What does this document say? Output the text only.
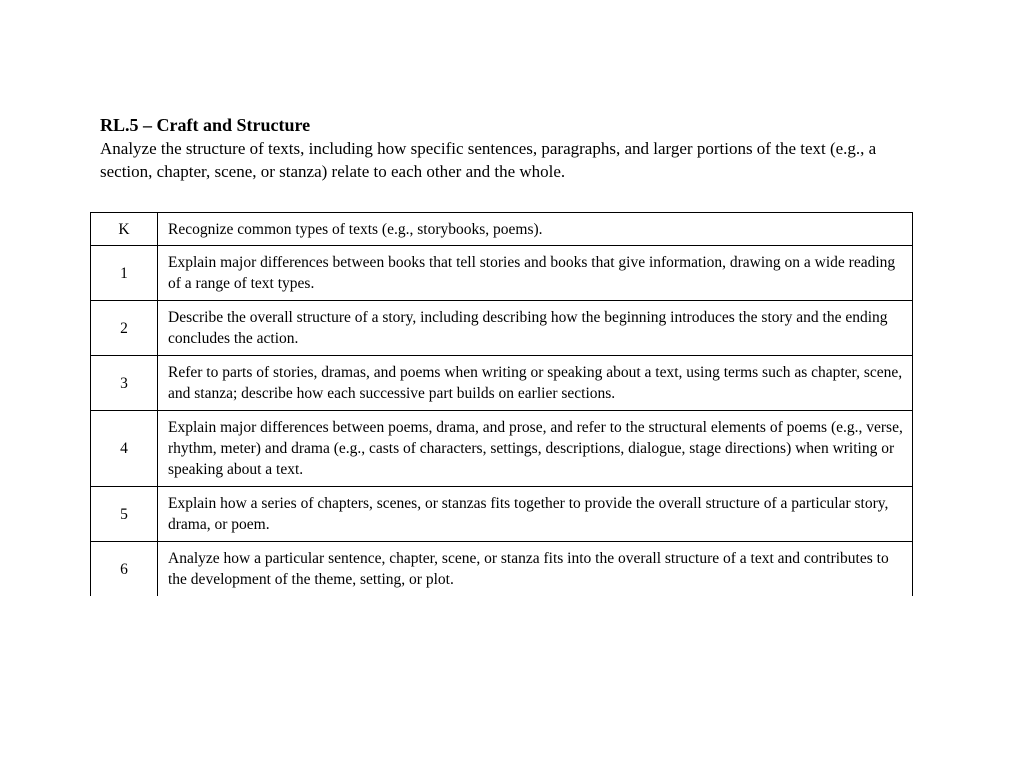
RL.5 – Craft and Structure
Analyze the structure of texts, including how specific sentences, paragraphs, and larger portions of the text (e.g., a section, chapter, scene, or stanza) relate to each other and the whole.
K	Recognize common types of texts (e.g., storybooks, poems).
1	Explain major differences between books that tell stories and books that give information, drawing on a wide reading of a range of text types.
2	Describe the overall structure of a story, including describing how the beginning introduces the story and the ending concludes the action.
3	Refer to parts of stories, dramas, and poems when writing or speaking about a text, using terms such as chapter, scene, and stanza; describe how each successive part builds on earlier sections.
4	Explain major differences between poems, drama, and prose, and refer to the structural elements of poems (e.g., verse, rhythm, meter) and drama (e.g., casts of characters, settings, descriptions, dialogue, stage directions) when writing or speaking about a text.
5	Explain how a series of chapters, scenes, or stanzas fits together to provide the overall structure of a particular story, drama, or poem.
6	Analyze how a particular sentence, chapter, scene, or stanza fits into the overall structure of a text and contributes to the development of the theme, setting, or plot.
